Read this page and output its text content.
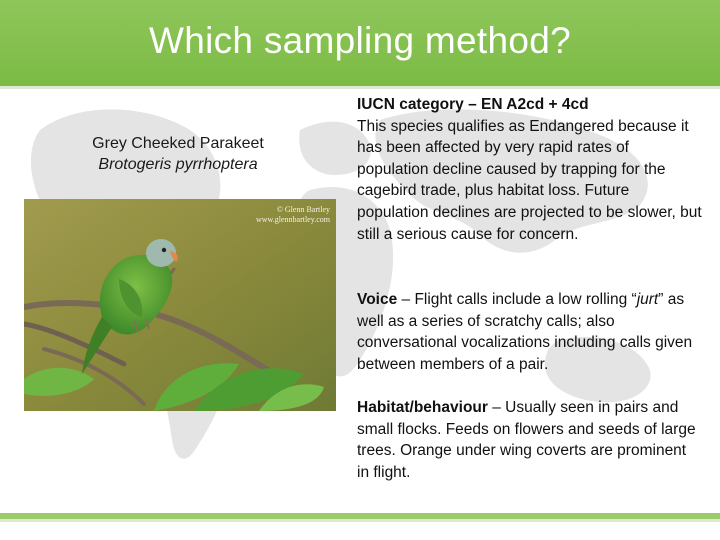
Which sampling method?
Grey Cheeked Parakeet
Brotogeris pyrrhoptera
© Glenn Bartley
www.glennbartley.com
IUCN category – EN A2cd + 4cd
This species qualifies as Endangered because it has been affected by very rapid rates of population decline caused by trapping for the cagebird trade, plus habitat loss. Future population declines are projected to be slower, but still a serious cause for concern.
Voice – Flight calls include a low rolling “jurt” as well as a series of scratchy calls; also conversational vocalizations including calls given between members of a pair.
Habitat/behaviour – Usually seen in pairs and small flocks. Feeds on flowers and seeds of large trees. Orange under wing coverts are prominent in flight.
